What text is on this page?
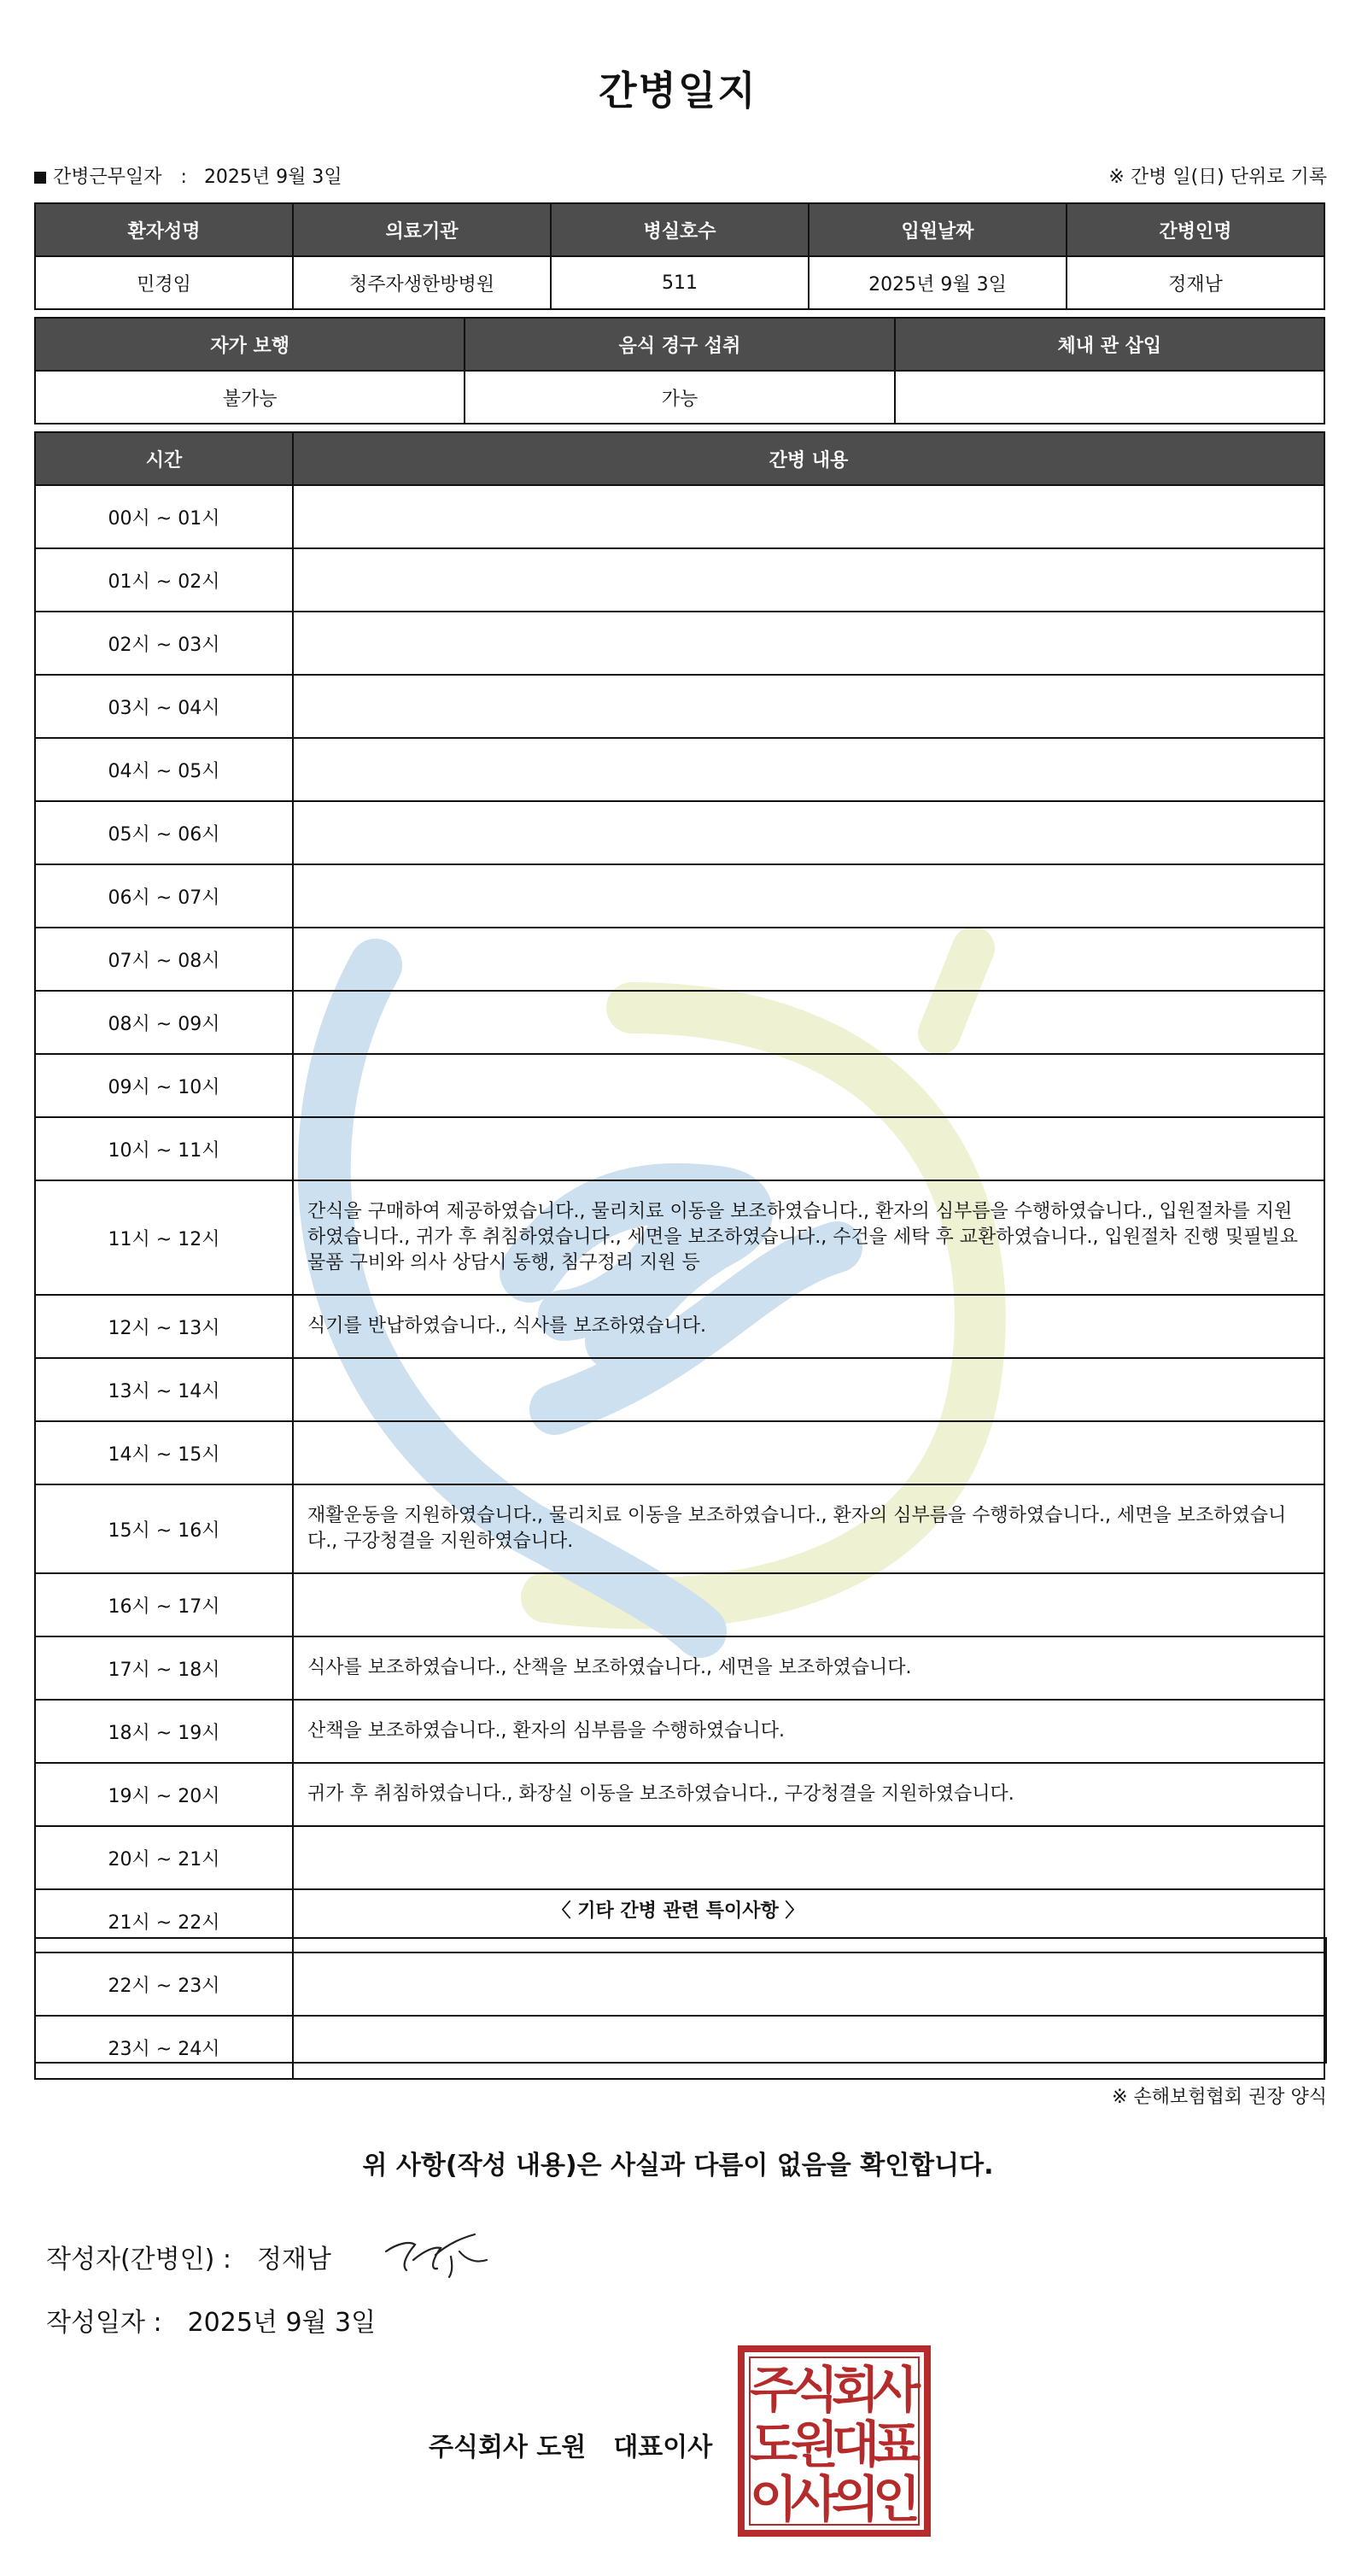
간병일지
간병근무일자 : 2025년 9월 3일	※ 간병 일(日) 단위로 기록
환자성명	의료기관	병실호수	입원날짜	간병인명
민경임	청주자생한방병원	511	2025년 9월 3일	정재남
자가 보행	음식 경구 섭취	체내 관 삽입
불가능	가능	
시간	간병 내용
00시 ~ 01시	
01시 ~ 02시	
02시 ~ 03시	
03시 ~ 04시	
04시 ~ 05시	
05시 ~ 06시	
06시 ~ 07시	
07시 ~ 08시	
08시 ~ 09시	
09시 ~ 10시	
10시 ~ 11시	
11시 ~ 12시	간식을 구매하여 제공하였습니다., 물리치료 이동을 보조하였습니다., 환자의 심부름을 수행하였습니다., 입원절차를 지원하였습니다., 귀가 후 취침하였습니다., 세면을 보조하였습니다., 수건을 세탁 후 교환하였습니다., 입원절차 진행 및필빌요물품 구비와 의사 상담시 동행, 침구정리 지원 등
12시 ~ 13시	식기를 반납하였습니다., 식사를 보조하였습니다.
13시 ~ 14시	
14시 ~ 15시	
15시 ~ 16시	재활운동을 지원하였습니다., 물리치료 이동을 보조하였습니다., 환자의 심부름을 수행하였습니다., 세면을 보조하였습니다., 구강청결을 지원하였습니다.
16시 ~ 17시	
17시 ~ 18시	식사를 보조하였습니다., 산책을 보조하였습니다., 세면을 보조하였습니다.
18시 ~ 19시	산책을 보조하였습니다., 환자의 심부름을 수행하였습니다.
19시 ~ 20시	귀가 후 취침하였습니다., 화장실 이동을 보조하였습니다., 구강청결을 지원하였습니다.
20시 ~ 21시	
21시 ~ 22시	
22시 ~ 23시	
23시 ~ 24시	
〈 기타 간병 관련 특이사항 〉
※ 손해보험협회 권장 양식
위 사항(작성 내용)은 사실과 다름이 없음을 확인합니다.
작성자(간병인) : 정재남
작성일자 : 2025년 9월 3일
주식회사 도원 대표이사
주
식
회
사
도
원
대
표
이
사
의
인
